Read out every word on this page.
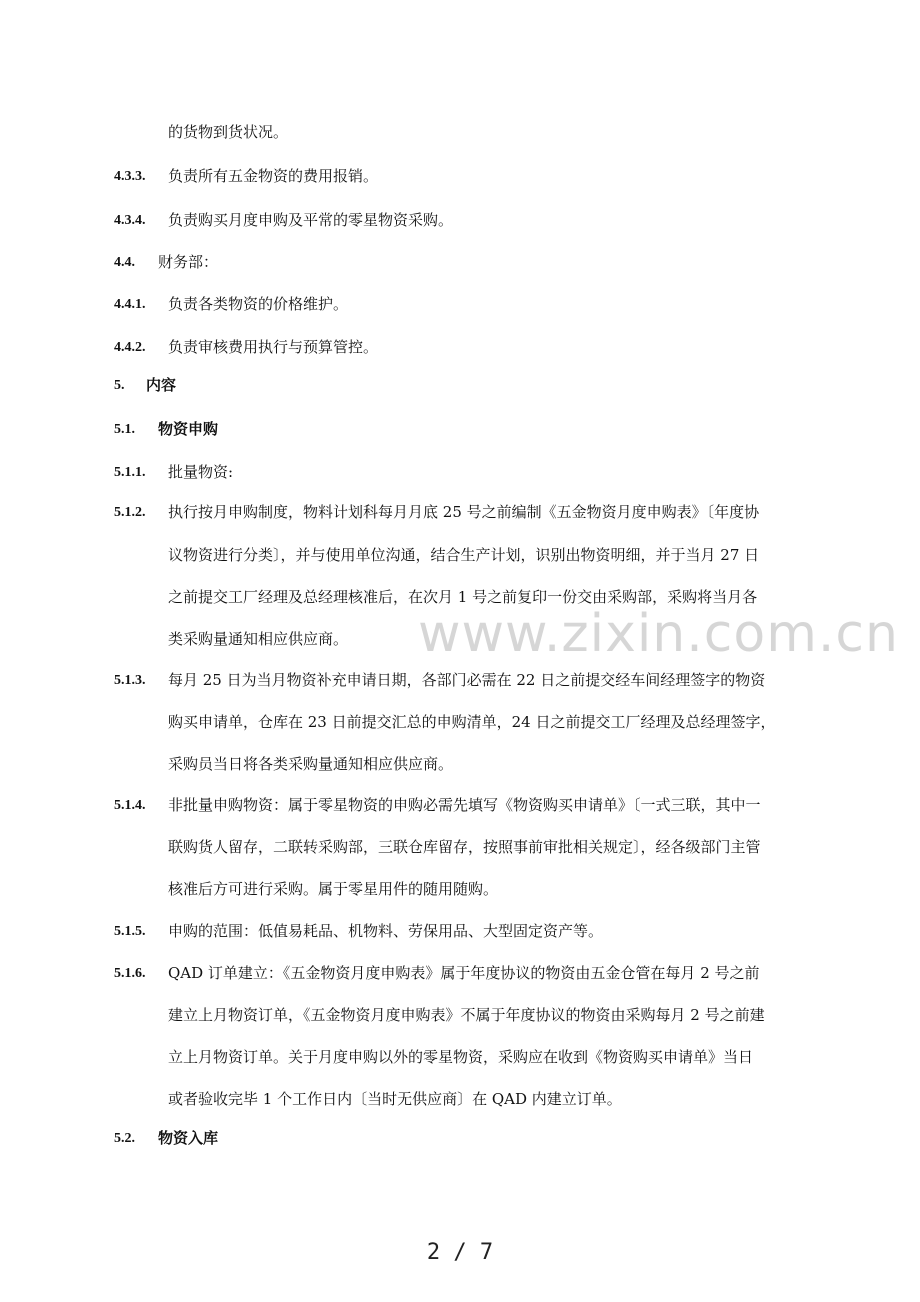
www.zixin.com.cn
的货物到货状况。
4.3.3. 负责所有五金物资的费用报销。
4.3.4. 负责购买月度申购及平常的零星物资采购。
4.4. 财务部：
4.4.1. 负责各类物资的价格维护。
4.4.2. 负责审核费用执行与预算管控。
5. 内容
5.1. 物资申购
5.1.1. 批量物资:
5.1.2. 执行按月申购制度，物料计划科每月月底 25 号之前编制《五金物资月度申购表》〔年度协
议物资进行分类〕，并与使用单位沟通，结合生产计划，识别出物资明细，并于当月 27 日
之前提交工厂经理及总经理核准后，在次月 1 号之前复印一份交由采购部，采购将当月各
类采购量通知相应供应商。
5.1.3. 每月 25 日为当月物资补充申请日期，各部门必需在 22 日之前提交经车间经理签字的物资
购买申请单，仓库在 23 日前提交汇总的申购清单，24 日之前提交工厂经理及总经理签字，
采购员当日将各类采购量通知相应供应商。
5.1.4. 非批量申购物资：属于零星物资的申购必需先填写《物资购买申请单》〔一式三联，其中一
联购货人留存，二联转采购部，三联仓库留存，按照事前审批相关规定〕，经各级部门主管
核准后方可进行采购。属于零星用件的随用随购。
5.1.5. 申购的范围：低值易耗品、机物料、劳保用品、大型固定资产等。
5.1.6. QAD 订单建立：《五金物资月度申购表》属于年度协议的物资由五金仓管在每月 2 号之前
建立上月物资订单，《五金物资月度申购表》不属于年度协议的物资由采购每月 2 号之前建
立上月物资订单。关于月度申购以外的零星物资，采购应在收到《物资购买申请单》当日
或者验收完毕 1 个工作日内〔当时无供应商〕在 QAD 内建立订单。
5.2. 物资入库
2 / 7
